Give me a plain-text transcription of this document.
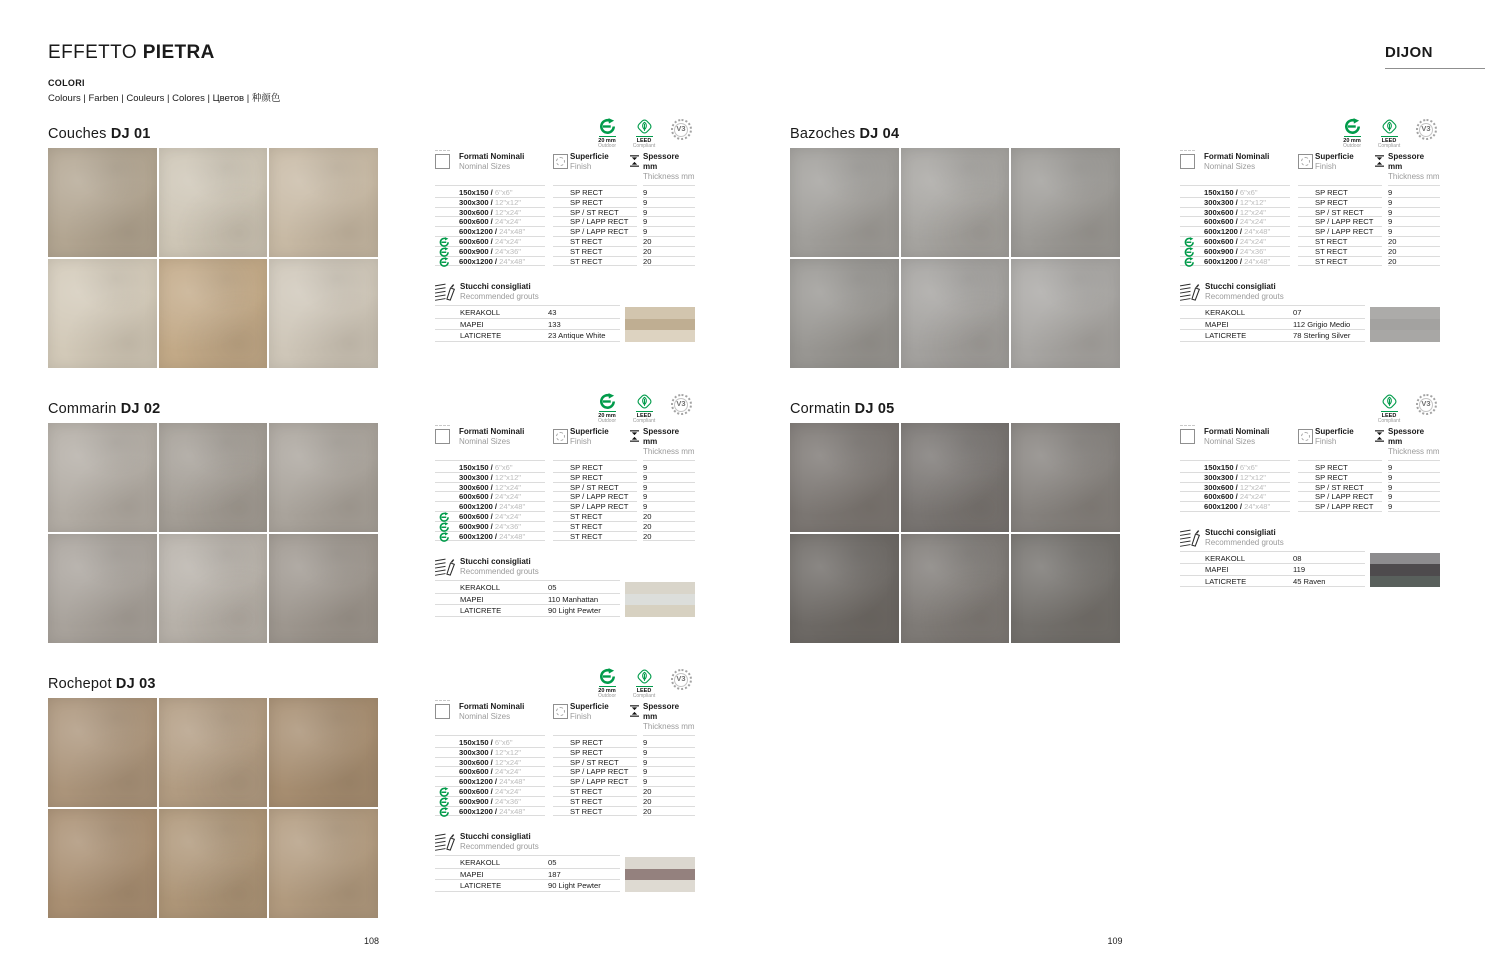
EFFETTO PIETRA	DIJON
COLORI
Colours | Farben | Couleurs | Colores | Цветов | 种颜色
Couches DJ 01	20 mm
Outdoor
LEED
Compliant
V3
Formati Nominali
Nominal Sizes
Superficie
Finish
Spessore mm
Thickness mm
150x150 / 6"x6"	SP RECT	9
300x300 / 12"x12"	SP RECT	9
300x600 / 12"x24"	SP / ST RECT	9
600x600 / 24"x24"	SP / LAPP RECT	9
600x1200 / 24"x48"	SP / LAPP RECT	9
600x600 / 24"x24"	ST RECT	20
600x900 / 24"x36"	ST RECT	20
600x1200 / 24"x48"	ST RECT	20
Stucchi consigliati
Recommended grouts
KERAKOLL	43
MAPEI	133
LATICRETE	23 Antique White
Commarin DJ 02	20 mm
Outdoor
LEED
Compliant
V3
Formati Nominali
Nominal Sizes
Superficie
Finish
Spessore mm
Thickness mm
150x150 / 6"x6"	SP RECT	9
300x300 / 12"x12"	SP RECT	9
300x600 / 12"x24"	SP / ST RECT	9
600x600 / 24"x24"	SP / LAPP RECT	9
600x1200 / 24"x48"	SP / LAPP RECT	9
600x600 / 24"x24"	ST RECT	20
600x900 / 24"x36"	ST RECT	20
600x1200 / 24"x48"	ST RECT	20
Stucchi consigliati
Recommended grouts
KERAKOLL	05
MAPEI	110 Manhattan
LATICRETE	90 Light Pewter
Rochepot DJ 03	20 mm
Outdoor
LEED
Compliant
V3
Formati Nominali
Nominal Sizes
Superficie
Finish
Spessore mm
Thickness mm
150x150 / 6"x6"	SP RECT	9
300x300 / 12"x12"	SP RECT	9
300x600 / 12"x24"	SP / ST RECT	9
600x600 / 24"x24"	SP / LAPP RECT	9
600x1200 / 24"x48"	SP / LAPP RECT	9
600x600 / 24"x24"	ST RECT	20
600x900 / 24"x36"	ST RECT	20
600x1200 / 24"x48"	ST RECT	20
Stucchi consigliati
Recommended grouts
KERAKOLL	05
MAPEI	187
LATICRETE	90 Light Pewter
Bazoches DJ 04	20 mm
Outdoor
LEED
Compliant
V3
Formati Nominali
Nominal Sizes
Superficie
Finish
Spessore mm
Thickness mm
150x150 / 6"x6"	SP RECT	9
300x300 / 12"x12"	SP RECT	9
300x600 / 12"x24"	SP / ST RECT	9
600x600 / 24"x24"	SP / LAPP RECT	9
600x1200 / 24"x48"	SP / LAPP RECT	9
600x600 / 24"x24"	ST RECT	20
600x900 / 24"x36"	ST RECT	20
600x1200 / 24"x48"	ST RECT	20
Stucchi consigliati
Recommended grouts
KERAKOLL	07
MAPEI	112 Grigio Medio
LATICRETE	78 Sterling Silver
Cormatin DJ 05	LEED
Compliant
V3
Formati Nominali
Nominal Sizes
Superficie
Finish
Spessore mm
Thickness mm
150x150 / 6"x6"	SP RECT	9
300x300 / 12"x12"	SP RECT	9
300x600 / 12"x24"	SP / ST RECT	9
600x600 / 24"x24"	SP / LAPP RECT	9
600x1200 / 24"x48"	SP / LAPP RECT	9
Stucchi consigliati
Recommended grouts
KERAKOLL	08
MAPEI	119
LATICRETE	45 Raven
108	109
